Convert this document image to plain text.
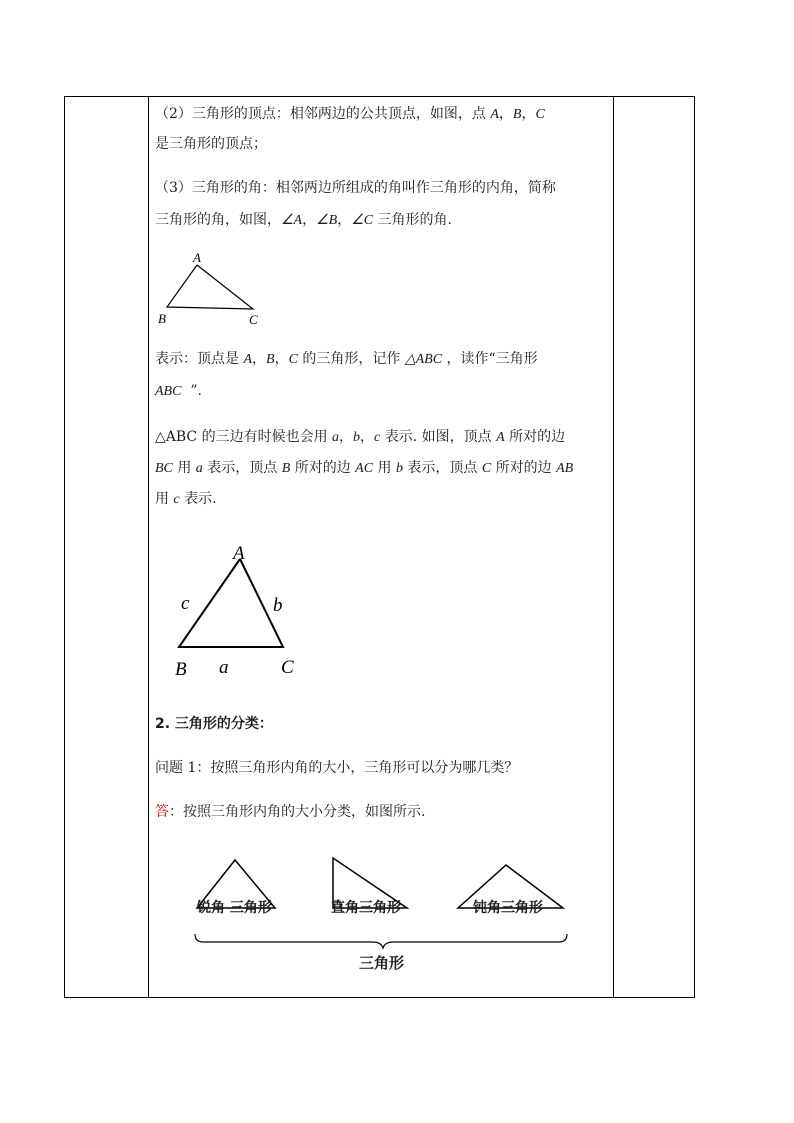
（2）三角形的顶点：相邻两边的公共顶点，如图，点 A，B，C
是三角形的顶点；
（3）三角形的角：相邻两边所组成的角叫作三角形的内角，简称
三角形的角，如图，∠A，∠B，∠C 三角形的角.
A
B	C
表示：顶点是 A，B，C 的三角形，记作 △ABC ，读作“三角形
ABC  ”.
△ABC 的三边有时候也会用 a，b，c 表示. 如图，顶点 A 所对的边
BC 用 a 表示，顶点 B 所对的边 AC 用 b 表示，顶点 C 所对的边 AB
用 c 表示.
A
B	C
a
b
c
2. 三角形的分类：
问题 1：按照三角形内角的大小，三角形可以分为哪几类？
答：按照三角形内角的大小分类，如图所示.
锐角 三角形	直角三角形	钝角三角形
三角形
